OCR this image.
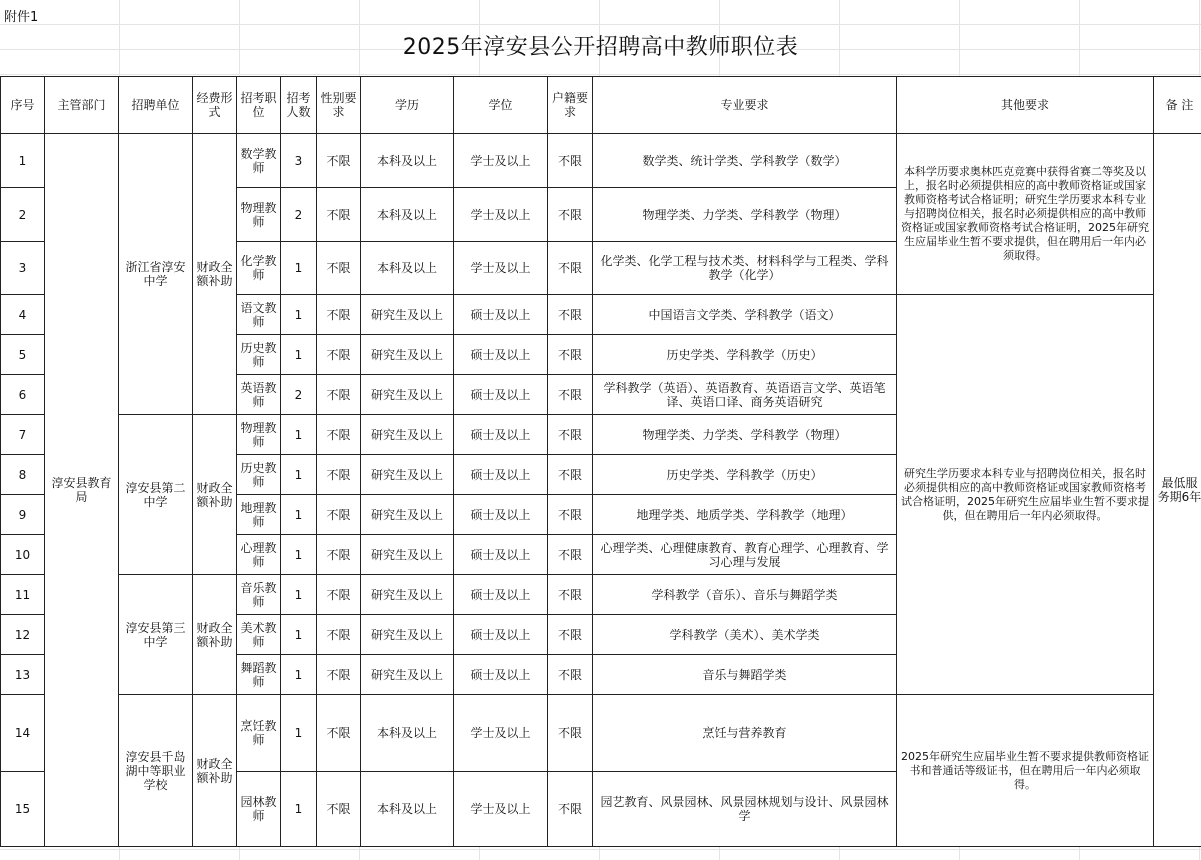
附件1
2025年淳安县公开招聘高中教师职位表
序号	主管部门	招聘单位	经费形式	招考职位	招考人数	性别要求	学历	学位	户籍要求	专业要求	其他要求	备 注
1	淳安县教育局	浙江省淳安中学	财政全额补助	数学教师	3	不限	本科及以上	学士及以上	不限	数学类、统计学类、学科教学（数学）	本科学历要求奥林匹克竞赛中获得省赛二等奖及以上，报名时必须提供相应的高中教师资格证或国家教师资格考试合格证明；研究生学历要求本科专业与招聘岗位相关，报名时必须提供相应的高中教师资格证或国家教师资格考试合格证明，2025年研究生应届毕业生暂不要求提供，但在聘用后一年内必须取得。	最低服务期6年
2				物理教师	2	不限	本科及以上	学士及以上	不限	物理学类、力学类、学科教学（物理）		
3				化学教师	1	不限	本科及以上	学士及以上	不限	化学类、化学工程与技术类、材料科学与工程类、学科教学（化学）		
4				语文教师	1	不限	研究生及以上	硕士及以上	不限	中国语言文学类、学科教学（语文）	研究生学历要求本科专业与招聘岗位相关，报名时必须提供相应的高中教师资格证或国家教师资格考试合格证明，2025年研究生应届毕业生暂不要求提供，但在聘用后一年内必须取得。	
5				历史教师	1	不限	研究生及以上	硕士及以上	不限	历史学类、学科教学（历史）		
6				英语教师	2	不限	研究生及以上	硕士及以上	不限	学科教学（英语）、英语教育、英语语言文学、英语笔译、英语口译、商务英语研究		
7		淳安县第二中学	财政全额补助	物理教师	1	不限	研究生及以上	硕士及以上	不限	物理学类、力学类、学科教学（物理）		
8				历史教师	1	不限	研究生及以上	硕士及以上	不限	历史学类、学科教学（历史）		
9				地理教师	1	不限	研究生及以上	硕士及以上	不限	地理学类、地质学类、学科教学（地理）		
10				心理教师	1	不限	研究生及以上	硕士及以上	不限	心理学类、心理健康教育、教育心理学、心理教育、学习心理与发展		
11		淳安县第三中学	财政全额补助	音乐教师	1	不限	研究生及以上	硕士及以上	不限	学科教学（音乐）、音乐与舞蹈学类		
12				美术教师	1	不限	研究生及以上	硕士及以上	不限	学科教学（美术）、美术学类		
13				舞蹈教师	1	不限	研究生及以上	硕士及以上	不限	音乐与舞蹈学类		
14		淳安县千岛湖中等职业学校	财政全额补助	烹饪教师	1	不限	本科及以上	学士及以上	不限	烹饪与营养教育	2025年研究生应届毕业生暂不要求提供教师资格证书和普通话等级证书，但在聘用后一年内必须取得。	
15				园林教师	1	不限	本科及以上	学士及以上	不限	园艺教育、风景园林、风景园林规划与设计、风景园林学		
